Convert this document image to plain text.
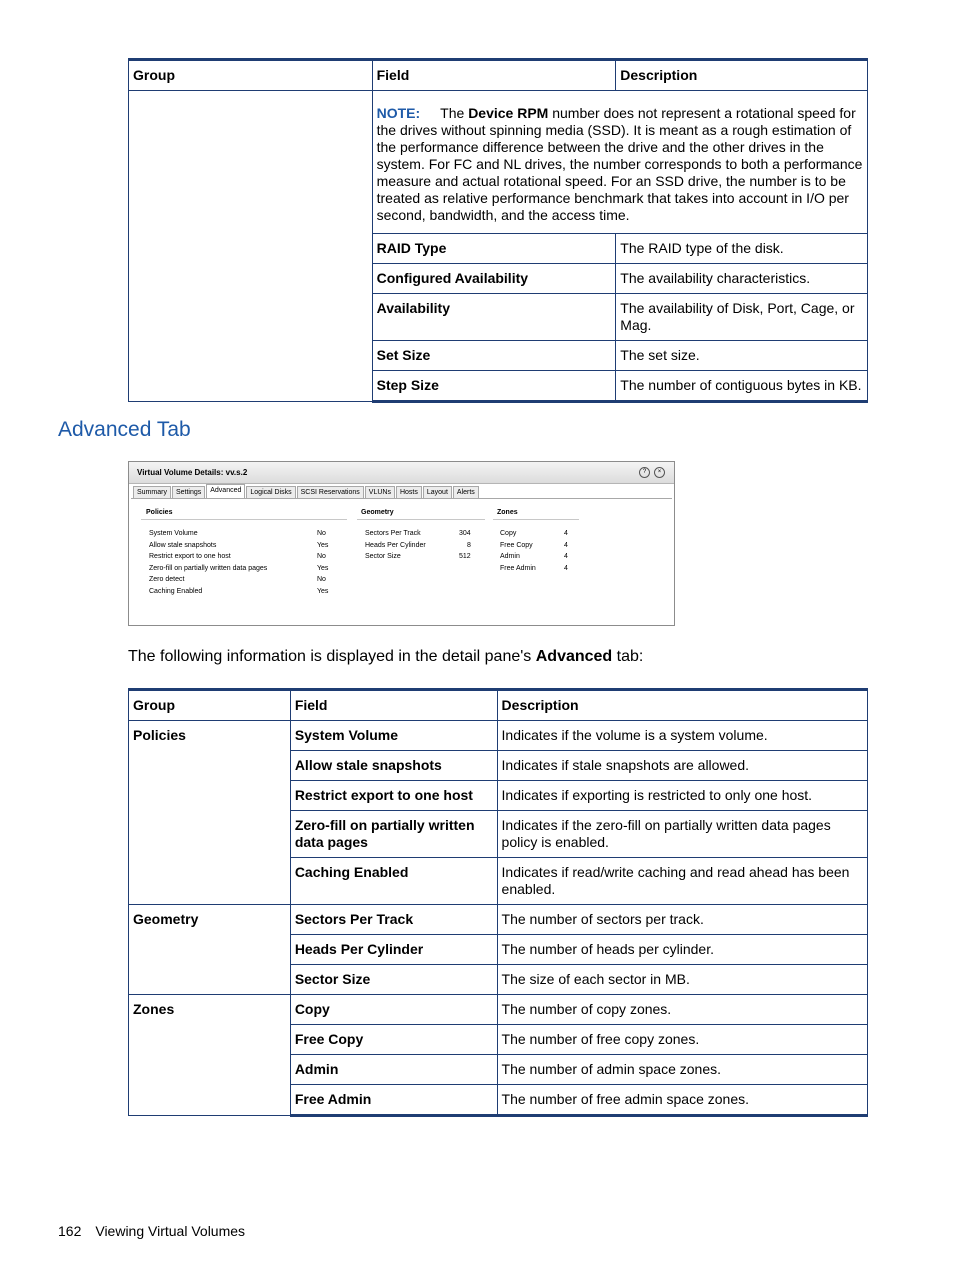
Group	Field	Description
	NOTE: The Device RPM number does not represent a rotational speed for the drives without spinning media (SSD). It is meant as a rough estimation of the performance difference between the drive and the other drives in the system. For FC and NL drives, the number corresponds to both a performance measure and actual rotational speed. For an SSD drive, the number is to be treated as relative performance benchmark that takes into account in I/O per second, bandwidth, and the access time.	
	RAID Type	The RAID type of the disk.
	Configured Availability	The availability characteristics.
	Availability	The availability of Disk, Port, Cage, or Mag.
	Set Size	The set size.
	Step Size	The number of contiguous bytes in KB.
Advanced Tab
Virtual Volume Details: vv.s.2	?	×
Summary	Settings	Advanced	Logical Disks	SCSI Reservations	VLUNs	Hosts	Layout	Alerts
Policies
System Volume	No
Allow stale snapshots	Yes
Restrict export to one host	No
Zero-fill on partially written data pages	Yes
Zero detect	No
Caching Enabled	Yes
Geometry
Sectors Per Track	304
Heads Per Cylinder	8
Sector Size	512
Zones
Copy	4
Free Copy	4
Admin	4
Free Admin	4

The following information is displayed in the detail pane's Advanced tab:

Group	Field	Description
Policies	System Volume	Indicates if the volume is a system volume.
	Allow stale snapshots	Indicates if stale snapshots are allowed.
	Restrict export to one host	Indicates if exporting is restricted to only one host.
	Zero-fill on partially written data pages	Indicates if the zero-fill on partially written data pages policy is enabled.
	Caching Enabled	Indicates if read/write caching and read ahead has been enabled.
Geometry	Sectors Per Track	The number of sectors per track.
	Heads Per Cylinder	The number of heads per cylinder.
	Sector Size	The size of each sector in MB.
Zones	Copy	The number of copy zones.
	Free Copy	The number of free copy zones.
	Admin	The number of admin space zones.
	Free Admin	The number of free admin space zones.
162 Viewing Virtual Volumes
